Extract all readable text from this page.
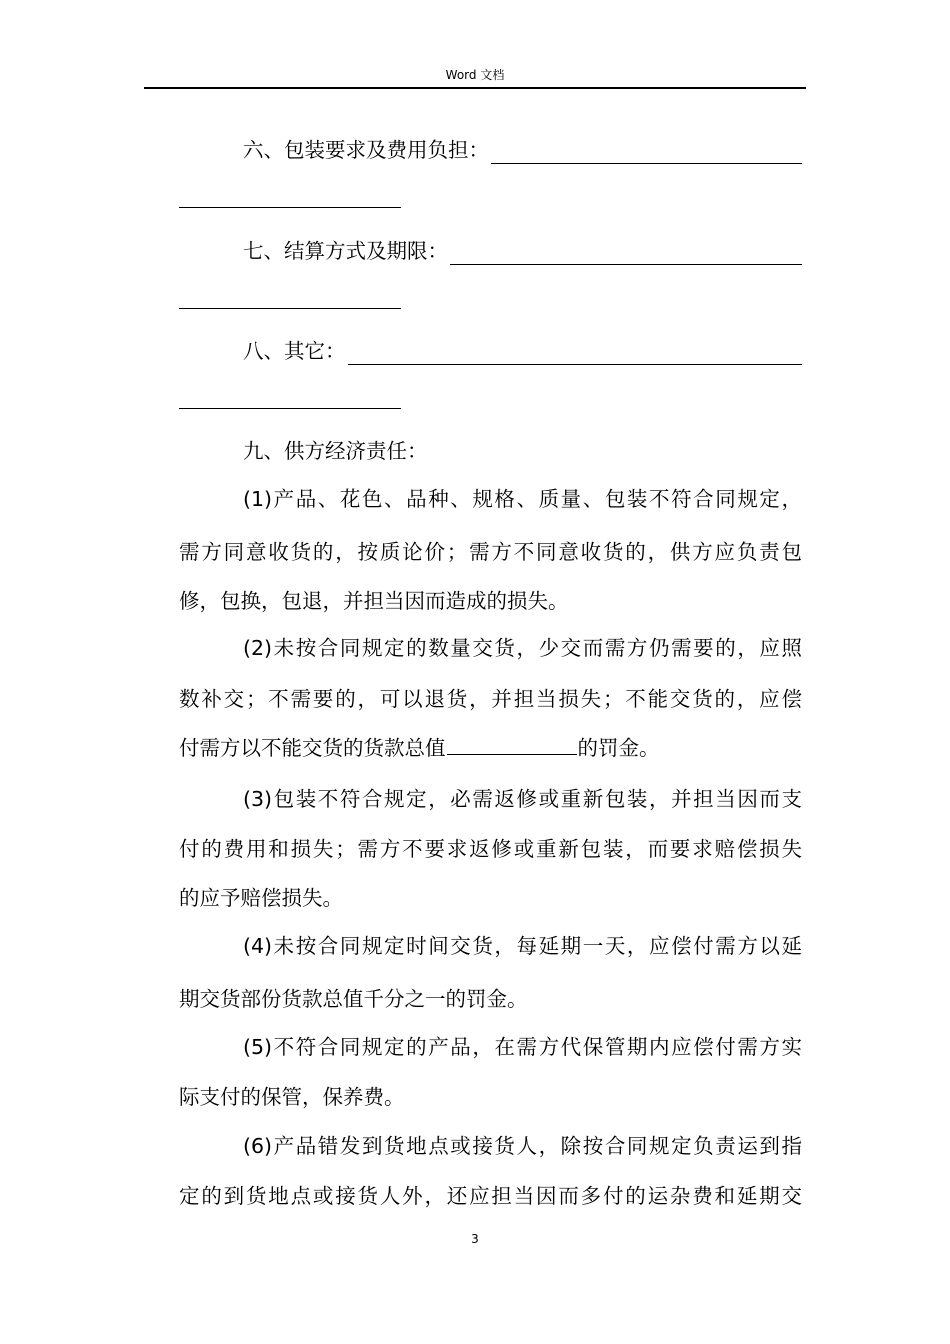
Word 文档
六、包装要求及费用负担：
七、结算方式及期限：
八、其它：
九、供方经济责任：
(1)产品、花色、品种、规格、质量、包装不符合同规定，
需方同意收货的，按质论价；需方不同意收货的，供方应负责包
修，包换，包退，并担当因而造成的损失。
(2)未按合同规定的数量交货，少交而需方仍需要的，应照
数补交；不需要的，可以退货，并担当损失；不能交货的，应偿
付需方以不能交货的货款总值	的罚金。
(3)包装不符合规定，必需返修或重新包装，并担当因而支
付的费用和损失；需方不要求返修或重新包装，而要求赔偿损失
的应予赔偿损失。
(4)未按合同规定时间交货，每延期一天，应偿付需方以延
期交货部份货款总值千分之一的罚金。
(5)不符合同规定的产品，在需方代保管期内应偿付需方实
际支付的保管，保养费。
(6)产品错发到货地点或接货人，除按合同规定负责运到指
定的到货地点或接货人外，还应担当因而多付的运杂费和延期交
3
